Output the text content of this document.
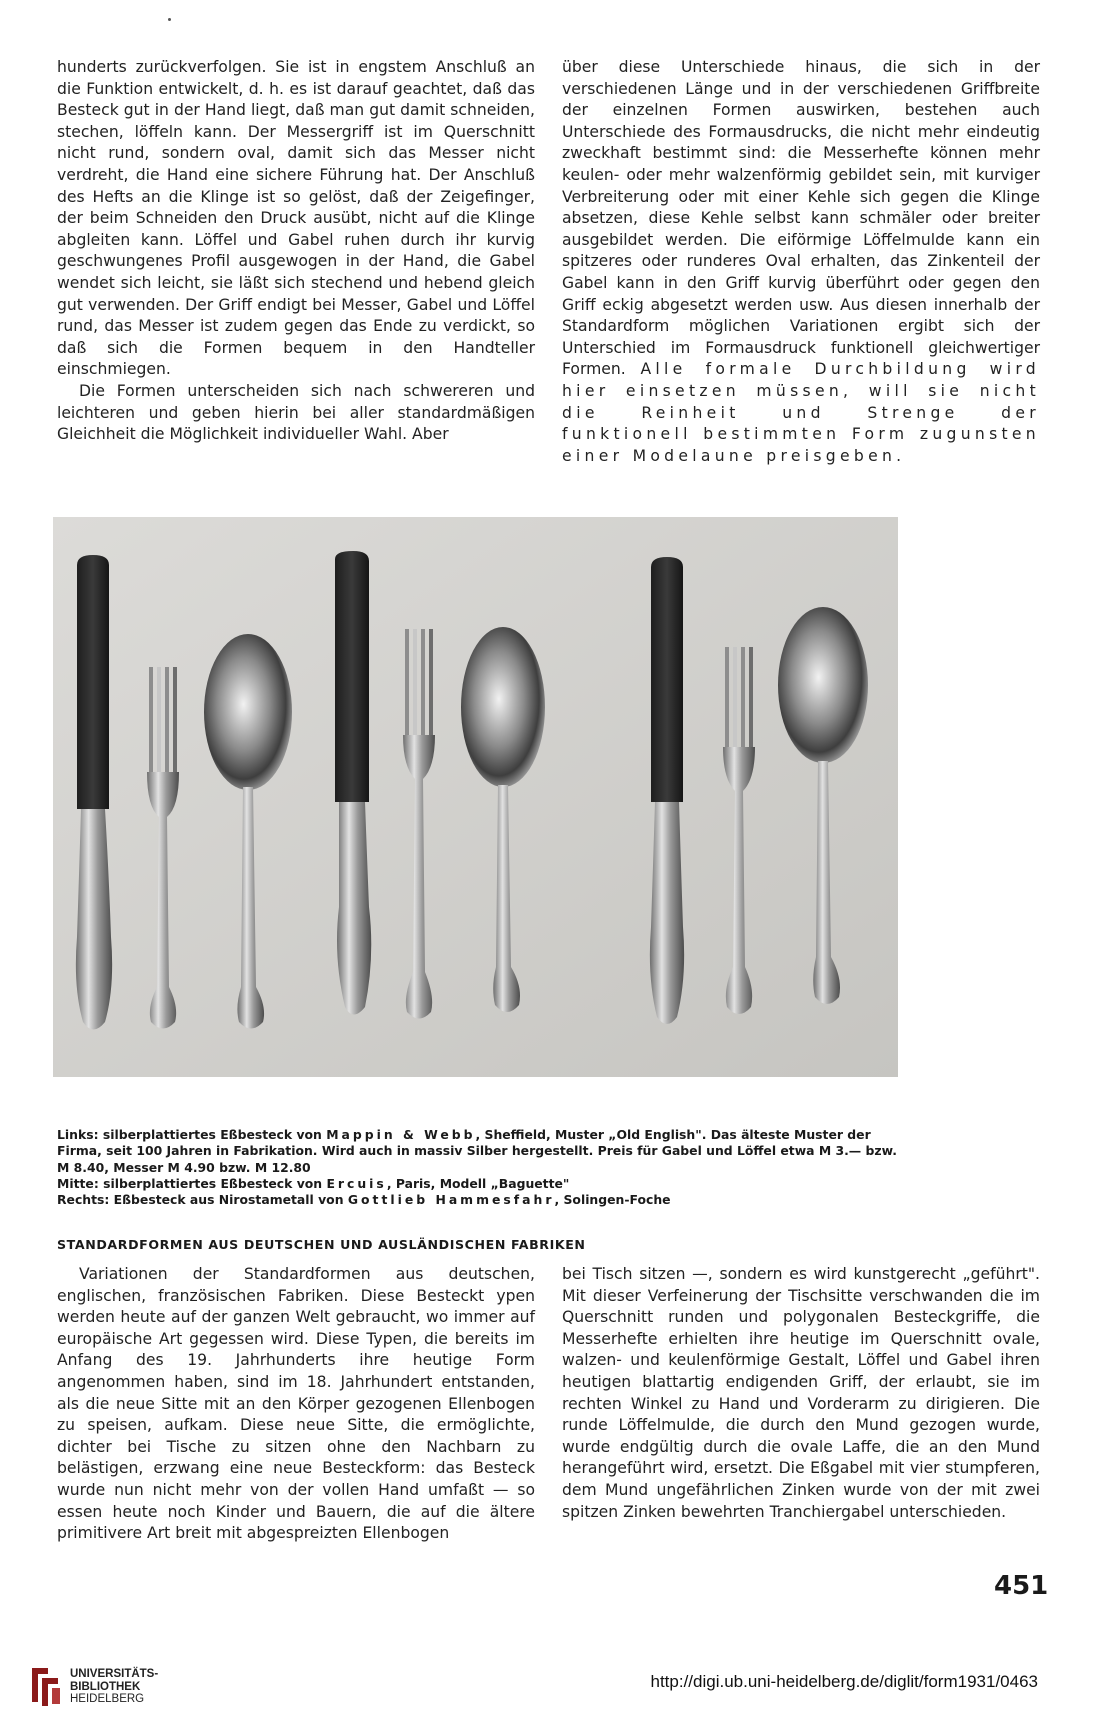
hunderts zurückverfolgen. Sie ist in engstem Anschluß an die Funktion entwickelt, d. h. es ist darauf geachtet, daß das Besteck gut in der Hand liegt, daß man gut damit schneiden, stechen, löffeln kann. Der Messergriff ist im Querschnitt nicht rund, sondern oval, damit sich das Messer nicht verdreht, die Hand eine sichere Führung hat. Der Anschluß des Hefts an die Klinge ist so gelöst, daß der Zeigefinger, der beim Schneiden den Druck ausübt, nicht auf die Klinge abgleiten kann. Löffel und Gabel ruhen durch ihr kurvig geschwungenes Profil ausgewogen in der Hand, die Gabel wendet sich leicht, sie läßt sich stechend und hebend gleich gut verwenden. Der Griff endigt bei Messer, Gabel und Löffel rund, das Messer ist zudem gegen das Ende zu verdickt, so daß sich die Formen bequem in den Handteller einschmiegen.

Die Formen unterscheiden sich nach schwereren und leichteren und geben hierin bei aller standardmäßigen Gleichheit die Möglichkeit individueller Wahl. Aber

über diese Unterschiede hinaus, die sich in der verschiedenen Länge und in der verschiedenen Griffbreite der einzelnen Formen auswirken, bestehen auch Unterschiede des Formausdrucks, die nicht mehr eindeutig zweckhaft bestimmt sind: die Messerhefte können mehr keulen- oder mehr walzenförmig gebildet sein, mit kurviger Verbreiterung oder mit einer Kehle sich gegen die Klinge absetzen, diese Kehle selbst kann schmäler oder breiter ausgebildet werden. Die eiförmige Löffelmulde kann ein spitzeres oder runderes Oval erhalten, das Zinkenteil der Gabel kann in den Griff kurvig überführt oder gegen den Griff eckig abgesetzt werden usw. Aus diesen innerhalb der Standardform möglichen Variationen ergibt sich der Unterschied im Formausdruck funktionell gleichwertiger Formen. Alle formale Durchbildung wird hier einsetzen müssen, will sie nicht die Reinheit und Strenge der funktionell bestimmten Form zugunsten einer Modelaune preisgeben.

Links: silberplattiertes Eßbesteck von Mappin & Webb, Sheffield, Muster „Old English". Das älteste Muster der Firma, seit 100 Jahren in Fabrikation. Wird auch in massiv Silber hergestellt. Preis für Gabel und Löffel etwa M 3.— bzw. M 8.40, Messer M 4.90 bzw. M 12.80
Mitte: silberplattiertes Eßbesteck von Ercuis, Paris, Modell „Baguette"
Rechts: Eßbesteck aus Nirostametall von Gottlieb Hammesfahr, Solingen-Foche
STANDARDFORMEN AUS DEUTSCHEN UND AUSLÄNDISCHEN FABRIKEN

Variationen der Standardformen aus deutschen, englischen, französischen Fabriken. Diese Besteckt ypen werden heute auf der ganzen Welt gebraucht, wo immer auf europäische Art gegessen wird. Diese Typen, die bereits im Anfang des 19. Jahrhunderts ihre heutige Form angenommen haben, sind im 18. Jahrhundert entstanden, als die neue Sitte mit an den Körper gezogenen Ellenbogen zu speisen, aufkam. Diese neue Sitte, die ermöglichte, dichter bei Tische zu sitzen ohne den Nachbarn zu belästigen, erzwang eine neue Besteckform: das Besteck wurde nun nicht mehr von der vollen Hand umfaßt — so essen heute noch Kinder und Bauern, die auf die ältere primitivere Art breit mit abgespreizten Ellenbogen

bei Tisch sitzen —, sondern es wird kunstgerecht „geführt". Mit dieser Verfeinerung der Tischsitte verschwanden die im Querschnitt runden und polygonalen Besteckgriffe, die Messerhefte erhielten ihre heutige im Querschnitt ovale, walzen- und keulenförmige Gestalt, Löffel und Gabel ihren heutigen blattartig endigenden Griff, der erlaubt, sie im rechten Winkel zu Hand und Vorderarm zu dirigieren. Die runde Löffelmulde, die durch den Mund gezogen wurde, wurde endgültig durch die ovale Laffe, die an den Mund herangeführt wird, ersetzt. Die Eßgabel mit vier stumpferen, dem Mund ungefährlichen Zinken wurde von der mit zwei spitzen Zinken bewehrten Tranchiergabel unterschieden.

451
UNIVERSITÄTS-
BIBLIOTHEK
HEIDELBERG
http://digi.ub.uni-heidelberg.de/diglit/form1931/0463
